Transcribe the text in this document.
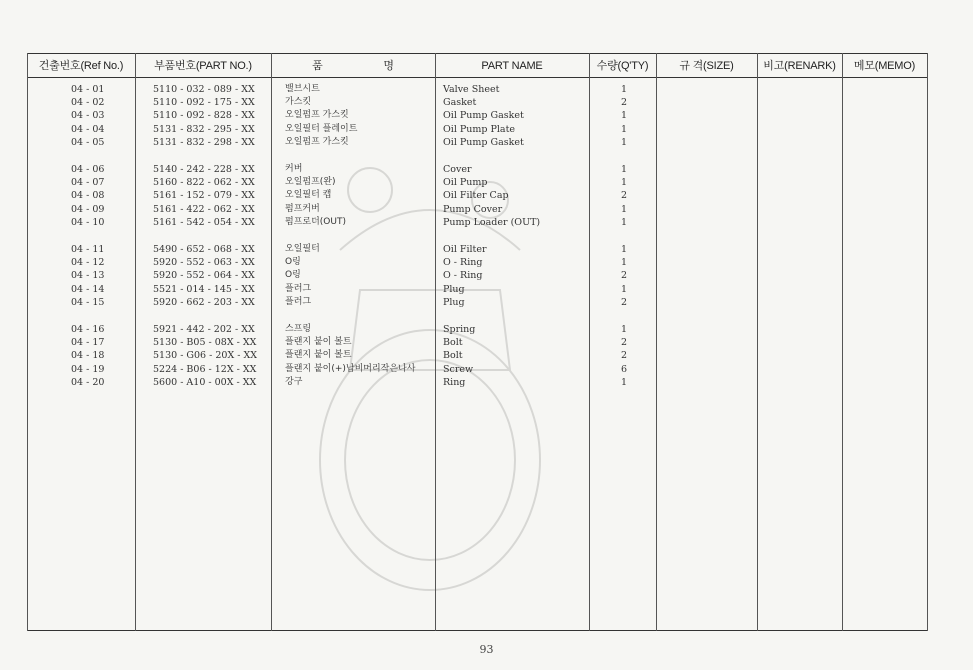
건출번호(Ref No.)	부품번호(PART NO.)	품 명	PART NAME	수량(Q'TY)	규 격(SIZE)	비고(RENARK)	메모(MEMO)
04 - 01	5110 - 032 - 089 - XX	밸브시트	Valve Sheet	1
04 - 02	5110 - 092 - 175 - XX	가스킷	Gasket	2
04 - 03	5110 - 092 - 828 - XX	오일펌프 가스킷	Oil Pump Gasket	1
04 - 04	5131 - 832 - 295 - XX	오일필터 플레이트	Oil Pump Plate	1
04 - 05	5131 - 832 - 298 - XX	오일펌프 가스킷	Oil Pump Gasket	1
04 - 06	5140 - 242 - 228 - XX	커버	Cover	1
04 - 07	5160 - 822 - 062 - XX	오일펌프(완)	Oil Pump	1
04 - 08	5161 - 152 - 079 - XX	오일필터 캡	Oil Filter Cap	2
04 - 09	5161 - 422 - 062 - XX	펌프커버	Pump Cover	1
04 - 10	5161 - 542 - 054 - XX	펌프로더(OUT)	Pump Loader (OUT)	1
04 - 11	5490 - 652 - 068 - XX	오일필터	Oil Filter	1
04 - 12	5920 - 552 - 063 - XX	O링	O - Ring	1
04 - 13	5920 - 552 - 064 - XX	O링	O - Ring	2
04 - 14	5521 - 014 - 145 - XX	플러그	Plug	1
04 - 15	5920 - 662 - 203 - XX	플러그	Plug	2
04 - 16	5921 - 442 - 202 - XX	스프링	Spring	1
04 - 17	5130 - B05 - 08X - XX	플랜지 붙이 볼트	Bolt	2
04 - 18	5130 - G06 - 20X - XX	플랜지 붙이 볼트	Bolt	2
04 - 19	5224 - B06 - 12X - XX	플랜지 붙이(+)납비머리작은나사	Screw	6
04 - 20	5600 - A10 - 00X - XX	강구	Ring	1
93
